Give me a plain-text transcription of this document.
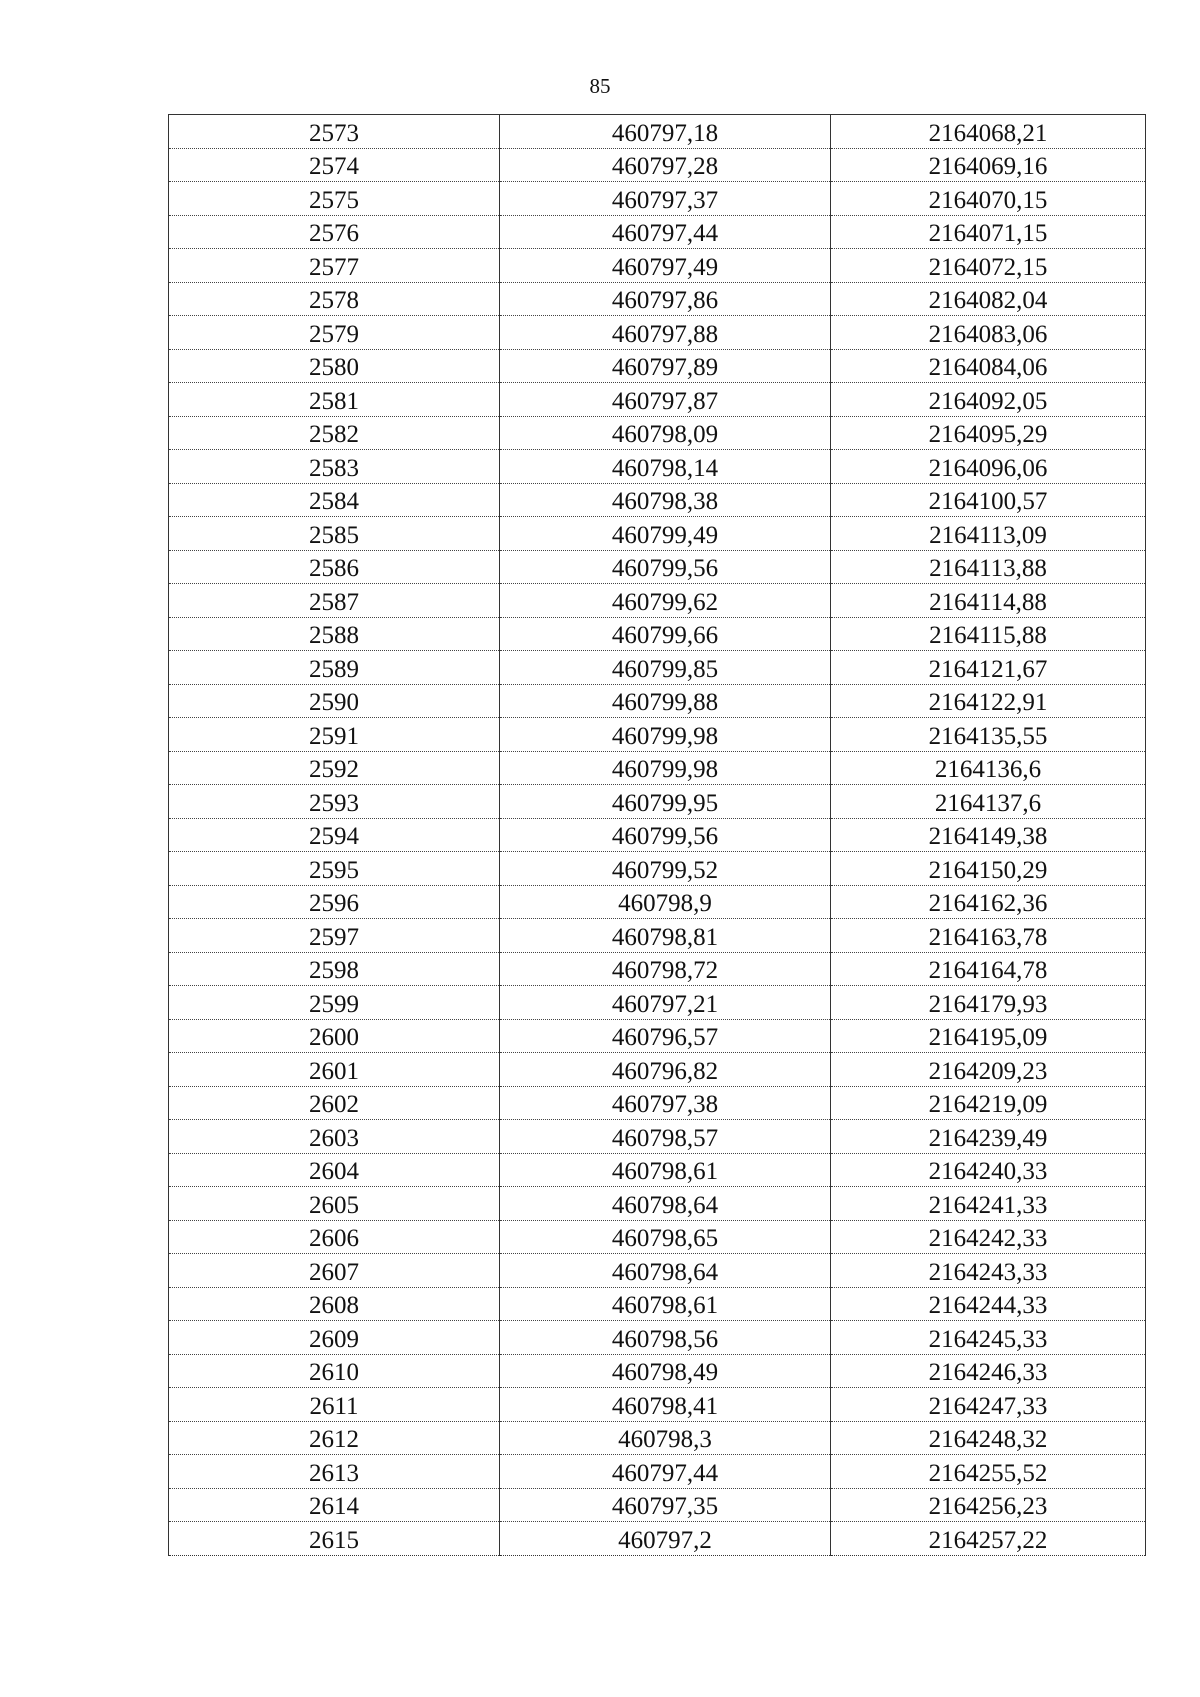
85
2573	460797,18	2164068,21
2574	460797,28	2164069,16
2575	460797,37	2164070,15
2576	460797,44	2164071,15
2577	460797,49	2164072,15
2578	460797,86	2164082,04
2579	460797,88	2164083,06
2580	460797,89	2164084,06
2581	460797,87	2164092,05
2582	460798,09	2164095,29
2583	460798,14	2164096,06
2584	460798,38	2164100,57
2585	460799,49	2164113,09
2586	460799,56	2164113,88
2587	460799,62	2164114,88
2588	460799,66	2164115,88
2589	460799,85	2164121,67
2590	460799,88	2164122,91
2591	460799,98	2164135,55
2592	460799,98	2164136,6
2593	460799,95	2164137,6
2594	460799,56	2164149,38
2595	460799,52	2164150,29
2596	460798,9	2164162,36
2597	460798,81	2164163,78
2598	460798,72	2164164,78
2599	460797,21	2164179,93
2600	460796,57	2164195,09
2601	460796,82	2164209,23
2602	460797,38	2164219,09
2603	460798,57	2164239,49
2604	460798,61	2164240,33
2605	460798,64	2164241,33
2606	460798,65	2164242,33
2607	460798,64	2164243,33
2608	460798,61	2164244,33
2609	460798,56	2164245,33
2610	460798,49	2164246,33
2611	460798,41	2164247,33
2612	460798,3	2164248,32
2613	460797,44	2164255,52
2614	460797,35	2164256,23
2615	460797,2	2164257,22
